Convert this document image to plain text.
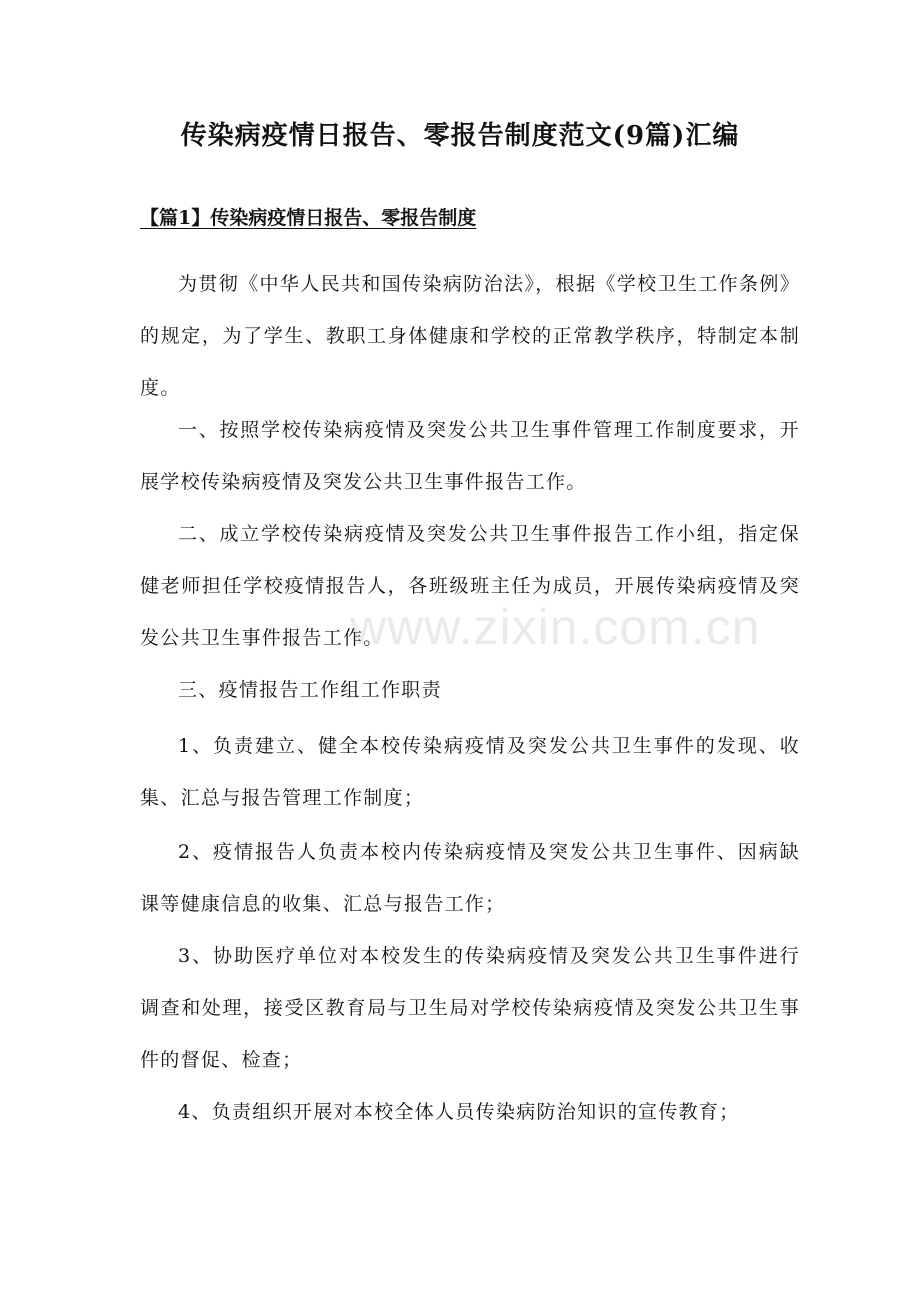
传染病疫情日报告、零报告制度范文(9篇)汇编
【篇1】传染病疫情日报告、零报告制度

为贯彻《中华人民共和国传染病防治法》，根据《学校卫生工作条例》的规定，为了学生、教职工身体健康和学校的正常教学秩序，特制定本制度。

一、按照学校传染病疫情及突发公共卫生事件管理工作制度要求，开展学校传染病疫情及突发公共卫生事件报告工作。

二、成立学校传染病疫情及突发公共卫生事件报告工作小组，指定保健老师担任学校疫情报告人，各班级班主任为成员，开展传染病疫情及突发公共卫生事件报告工作。

三、疫情报告工作组工作职责

1、负责建立、健全本校传染病疫情及突发公共卫生事件的发现、收集、汇总与报告管理工作制度；

2、疫情报告人负责本校内传染病疫情及突发公共卫生事件、因病缺课等健康信息的收集、汇总与报告工作；

3、协助医疗单位对本校发生的传染病疫情及突发公共卫生事件进行调查和处理，接受区教育局与卫生局对学校传染病疫情及突发公共卫生事件的督促、检查；

4、负责组织开展对本校全体人员传染病防治知识的宣传教育；

www.zixin.com.cn
